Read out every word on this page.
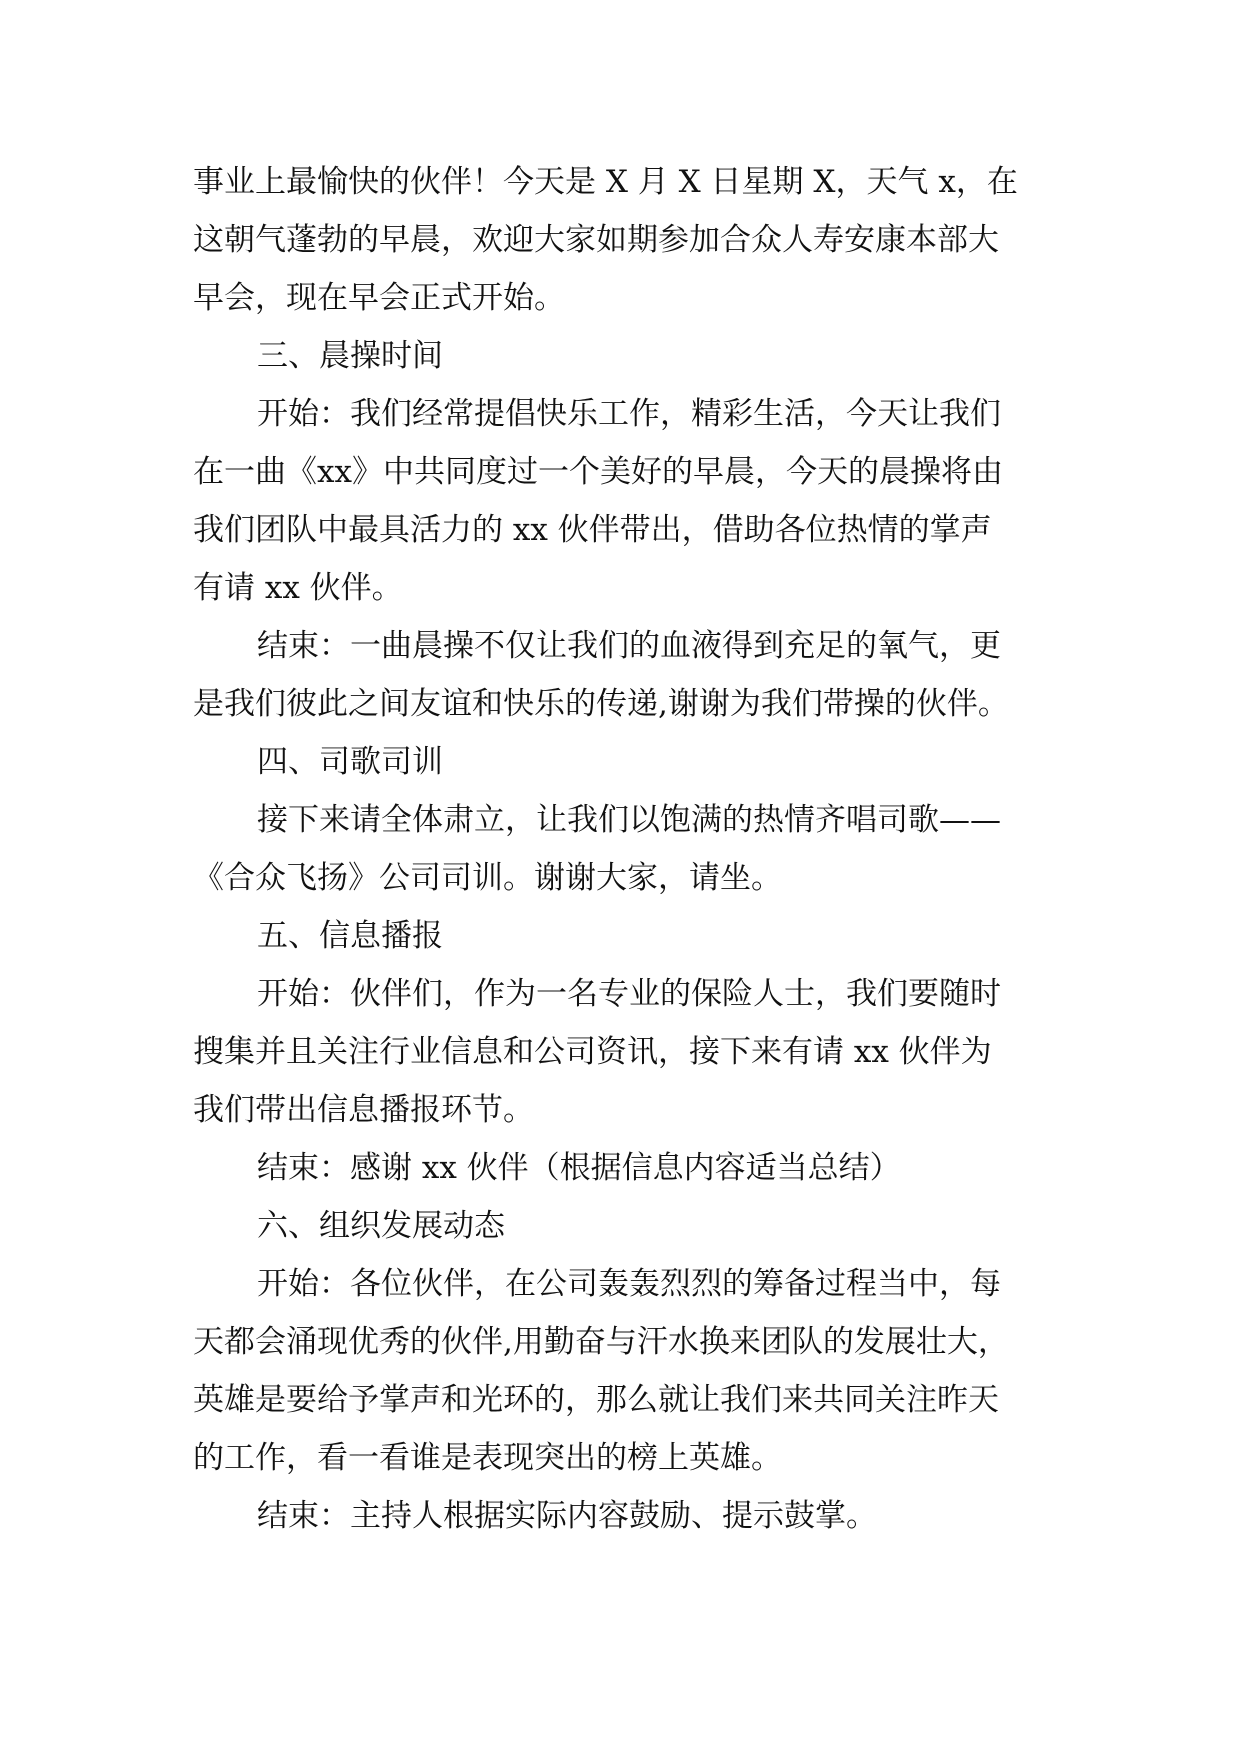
事业上最愉快的伙伴！今天是 X 月 X 日星期 X，天气 x，在
这朝气蓬勃的早晨，欢迎大家如期参加合众人寿安康本部大
早会，现在早会正式开始。
三、晨操时间
开始：我们经常提倡快乐工作，精彩生活，今天让我们
在一曲《xx》中共同度过一个美好的早晨，今天的晨操将由
我们团队中最具活力的 xx 伙伴带出，借助各位热情的掌声
有请 xx 伙伴。
结束：一曲晨操不仅让我们的血液得到充足的氧气，更
是我们彼此之间友谊和快乐的传递,谢谢为我们带操的伙伴。
四、司歌司训
接下来请全体肃立，让我们以饱满的热情齐唱司歌——
《合众飞扬》公司司训。谢谢大家，请坐。
五、信息播报
开始：伙伴们，作为一名专业的保险人士，我们要随时
搜集并且关注行业信息和公司资讯，接下来有请 xx 伙伴为
我们带出信息播报环节。
结束：感谢 xx 伙伴（根据信息内容适当总结）
六、组织发展动态
开始：各位伙伴，在公司轰轰烈烈的筹备过程当中，每
天都会涌现优秀的伙伴,用勤奋与汗水换来团队的发展壮大，
英雄是要给予掌声和光环的，那么就让我们来共同关注昨天
的工作，看一看谁是表现突出的榜上英雄。
结束：主持人根据实际内容鼓励、提示鼓掌。
